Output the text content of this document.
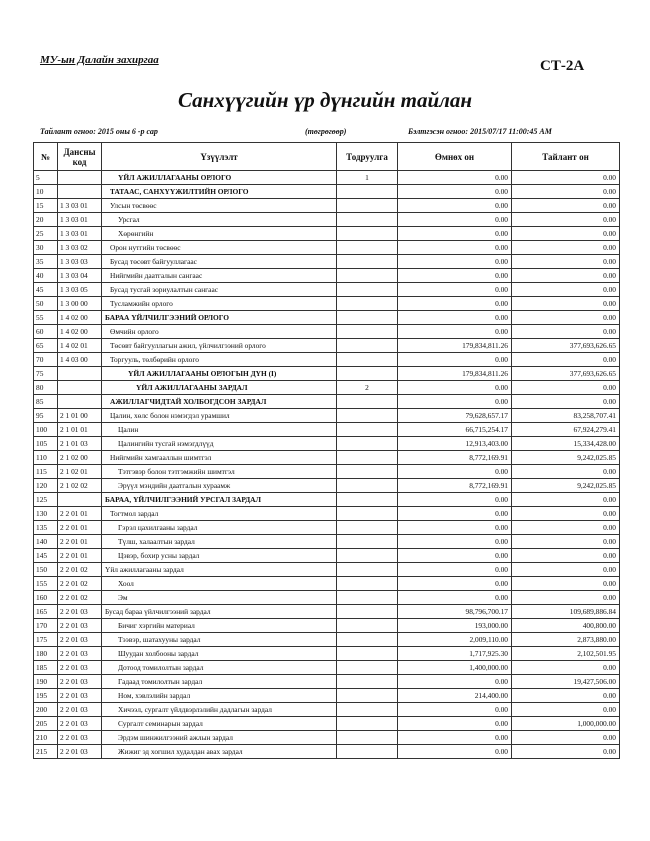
МУ-ын Далайн захиргаа	СТ-2А
Санхүүгийн үр дүнгийн тайлан
Тайлант огноо: 2015 оны 6 -р сар	(төгрөгөөр)	Бэлтгэсэн огноо: 2015/07/17 11:00:45 AM
№	Дансны код	Үзүүлэлт	Тодруулга	Өмнөх он	Тайлант он
5		ҮЙЛ АЖИЛЛАГААНЫ ОРЛОГО	1	0.00	0.00
10		ТАТААС, САНХҮҮЖИЛТИЙН ОРЛОГО		0.00	0.00
15	1 3 03 01	Улсын төсвөөс		0.00	0.00
20	1 3 03 01	Урсгал		0.00	0.00
25	1 3 03 01	Хөрөнгийн		0.00	0.00
30	1 3 03 02	Орон нутгийн төсвөөс		0.00	0.00
35	1 3 03 03	Бусад төсөвт байгууллагаас		0.00	0.00
40	1 3 03 04	Нийгмийн даатгалын сангаас		0.00	0.00
45	1 3 03 05	Бусад тусгай зориулалтын сангаас		0.00	0.00
50	1 3 00 00	Тусламжийн орлого		0.00	0.00
55	1 4 02 00	БАРАА ҮЙЛЧИЛГЭЭНИЙ ОРЛОГО		0.00	0.00
60	1 4 02 00	Өмчийн орлого		0.00	0.00
65	1 4 02 01	Төсөвт байгууллагын ажил, үйлчилгээний орлого		179,834,811.26	377,693,626.65
70	1 4 03 00	Торгууль, төлбөрийн орлого		0.00	0.00
75		ҮЙЛ АЖИЛЛАГААНЫ ОРЛОГЫН ДҮН (I)		179,834,811.26	377,693,626.65
80		ҮЙЛ АЖИЛЛАГААНЫ ЗАРДАЛ	2	0.00	0.00
85		АЖИЛЛАГЧИДТАЙ ХОЛБОГДСОН ЗАРДАЛ		0.00	0.00
95	2 1 01 00	Цалин, хөлс болон нэмэгдэл урамшил		79,628,657.17	83,258,707.41
100	2 1 01 01	Цалин		66,715,254.17	67,924,279.41
105	2 1 01 03	Цалингийн тусгай нэмэгдлүүд		12,913,403.00	15,334,428.00
110	2 1 02 00	Нийгмийн хамгааллын шимтгэл		8,772,169.91	9,242,025.85
115	2 1 02 01	Тэтгэвэр болон тэтгэмжийн шимтгэл		0.00	0.00
120	2 1 02 02	Эрүүл мэндийн даатгалын хураамж		8,772,169.91	9,242,025.85
125		БАРАА, ҮЙЛЧИЛГЭЭНИЙ УРСГАЛ ЗАРДАЛ		0.00	0.00
130	2 2 01 01	Тогтмол зардал		0.00	0.00
135	2 2 01 01	Гэрэл цахилгааны зардал		0.00	0.00
140	2 2 01 01	Түлш, халаалтын зардал		0.00	0.00
145	2 2 01 01	Цэвэр, бохир усны зардал		0.00	0.00
150	2 2 01 02	Үйл ажиллагааны зардал		0.00	0.00
155	2 2 01 02	Хоол		0.00	0.00
160	2 2 01 02	Эм		0.00	0.00
165	2 2 01 03	Бусад бараа үйлчилгээний зардал		98,796,700.17	109,689,886.84
170	2 2 01 03	Бичиг хэргийн материал		193,000.00	400,800.00
175	2 2 01 03	Тээвэр, шатахууны зардал		2,009,110.00	2,873,880.00
180	2 2 01 03	Шуудан холбооны зардал		1,717,925.30	2,102,501.95
185	2 2 01 03	Дотоод томилолтын зардал		1,400,000.00	0.00
190	2 2 01 03	Гадаад томилолтын зардал		0.00	19,427,506.00
195	2 2 01 03	Ном, хэвлэлийн зардал		214,400.00	0.00
200	2 2 01 03	Хичээл, сургалт үйлдвэрлэлийн дадлагын зардал		0.00	0.00
205	2 2 01 03	Сургалт семинарын зардал		0.00	1,000,000.00
210	2 2 01 03	Эрдэм шинжилгээний ажлын зардал		0.00	0.00
215	2 2 01 03	Жижиг эд хогшил худалдан авах зардал		0.00	0.00
